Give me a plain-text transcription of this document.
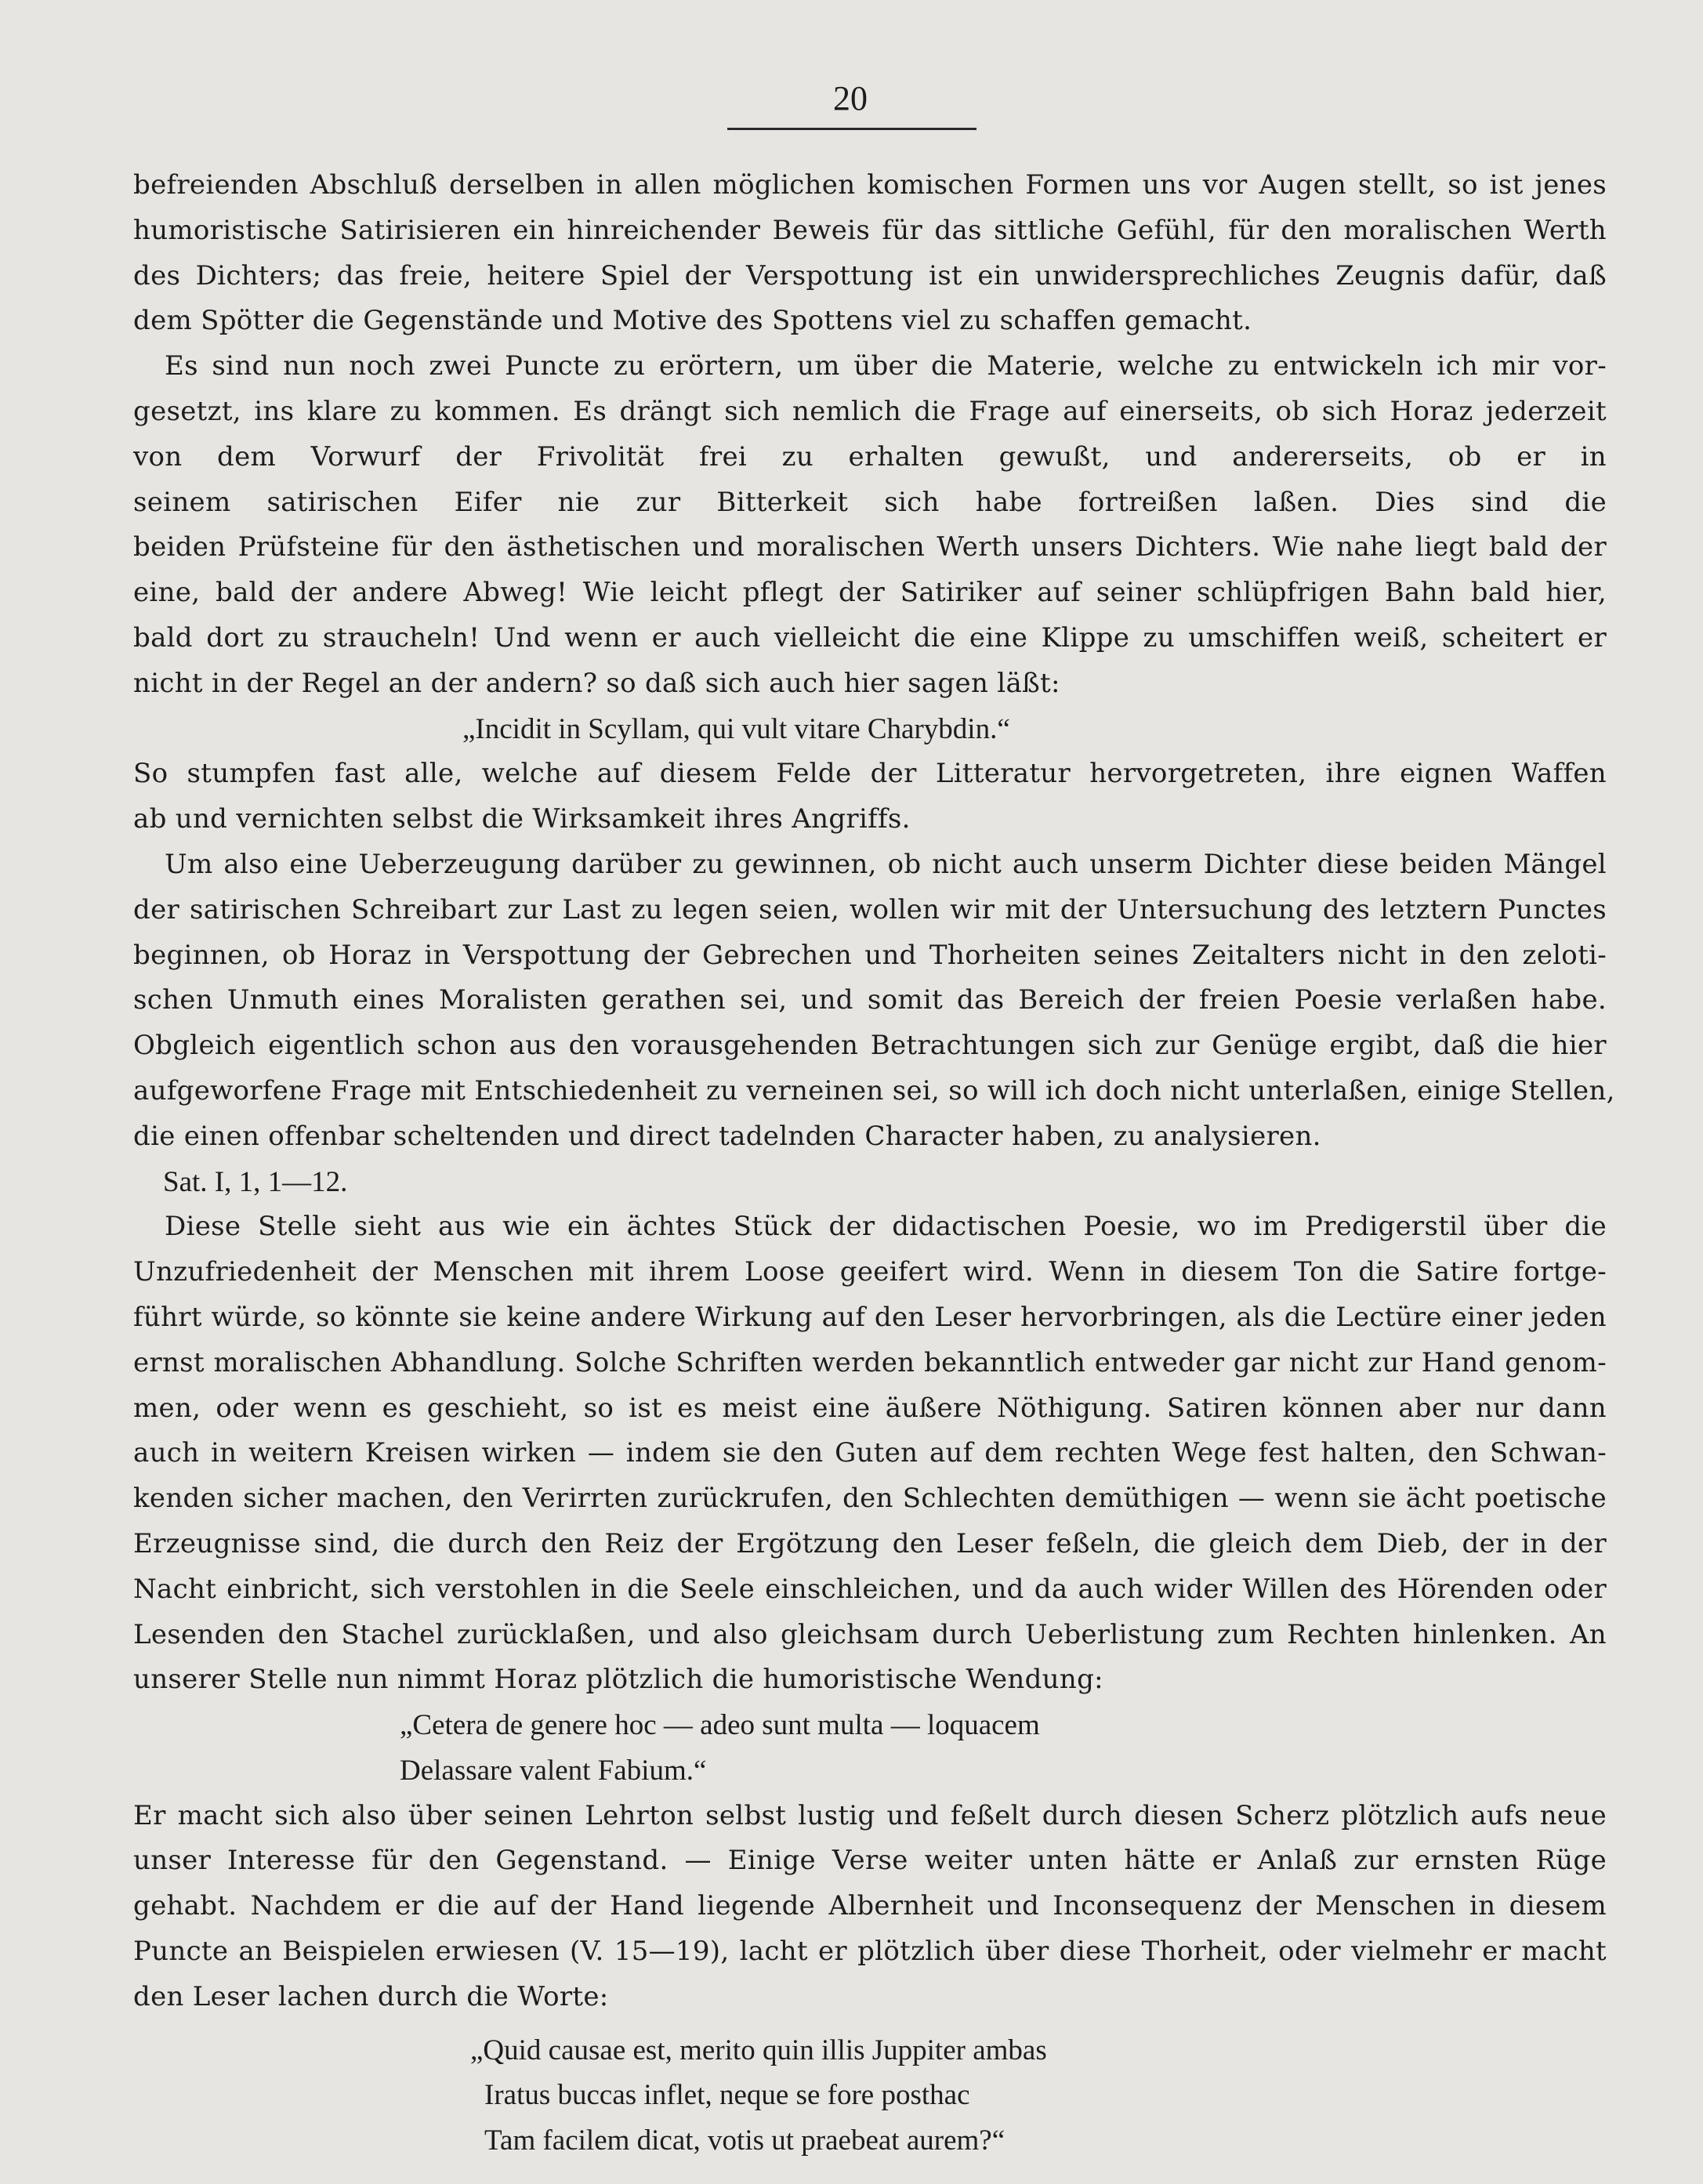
20
befreienden Abschluß derselben in allen möglichen komischen Formen uns vor Augen stellt, so ist jenes
humoristische Satirisieren ein hinreichender Beweis für das sittliche Gefühl, für den moralischen Werth
des Dichters; das freie, heitere Spiel der Verspottung ist ein unwidersprechliches Zeugnis dafür, daß
dem Spötter die Gegenstände und Motive des Spottens viel zu schaffen gemacht.
Es sind nun noch zwei Puncte zu erörtern, um über die Materie, welche zu entwickeln ich mir vor-
gesetzt, ins klare zu kommen. Es drängt sich nemlich die Frage auf einerseits, ob sich Horaz jederzeit
von dem Vorwurf der Frivolität frei zu erhalten gewußt, und andererseits, ob er in
seinem satirischen Eifer nie zur Bitterkeit sich habe fortreißen laßen. Dies sind die
beiden Prüfsteine für den ästhetischen und moralischen Werth unsers Dichters. Wie nahe liegt bald der
eine, bald der andere Abweg! Wie leicht pflegt der Satiriker auf seiner schlüpfrigen Bahn bald hier,
bald dort zu straucheln! Und wenn er auch vielleicht die eine Klippe zu umschiffen weiß, scheitert er
nicht in der Regel an der andern? so daß sich auch hier sagen läßt:
„Incidit in Scyllam, qui vult vitare Charybdin.“
So stumpfen fast alle, welche auf diesem Felde der Litteratur hervorgetreten, ihre eignen Waffen
ab und vernichten selbst die Wirksamkeit ihres Angriffs.
Um also eine Ueberzeugung darüber zu gewinnen, ob nicht auch unserm Dichter diese beiden Mängel
der satirischen Schreibart zur Last zu legen seien, wollen wir mit der Untersuchung des letztern Punctes
beginnen, ob Horaz in Verspottung der Gebrechen und Thorheiten seines Zeitalters nicht in den zeloti-
schen Unmuth eines Moralisten gerathen sei, und somit das Bereich der freien Poesie verlaßen habe.
Obgleich eigentlich schon aus den vorausgehenden Betrachtungen sich zur Genüge ergibt, daß die hier
aufgeworfene Frage mit Entschiedenheit zu verneinen sei, so will ich doch nicht unterlaßen, einige Stellen,
die einen offenbar scheltenden und direct tadelnden Character haben, zu analysieren.
Sat. I, 1, 1—12.
Diese Stelle sieht aus wie ein ächtes Stück der didactischen Poesie, wo im Predigerstil über die
Unzufriedenheit der Menschen mit ihrem Loose geeifert wird. Wenn in diesem Ton die Satire fortge-
führt würde, so könnte sie keine andere Wirkung auf den Leser hervorbringen, als die Lectüre einer jeden
ernst moralischen Abhandlung. Solche Schriften werden bekanntlich entweder gar nicht zur Hand genom-
men, oder wenn es geschieht, so ist es meist eine äußere Nöthigung. Satiren können aber nur dann
auch in weitern Kreisen wirken — indem sie den Guten auf dem rechten Wege fest halten, den Schwan-
kenden sicher machen, den Verirrten zurückrufen, den Schlechten demüthigen — wenn sie ächt poetische
Erzeugnisse sind, die durch den Reiz der Ergötzung den Leser feßeln, die gleich dem Dieb, der in der
Nacht einbricht, sich verstohlen in die Seele einschleichen, und da auch wider Willen des Hörenden oder
Lesenden den Stachel zurücklaßen, und also gleichsam durch Ueberlistung zum Rechten hinlenken. An
unserer Stelle nun nimmt Horaz plötzlich die humoristische Wendung:
„Cetera de genere hoc — adeo sunt multa — loquacem
Delassare valent Fabium.“
Er macht sich also über seinen Lehrton selbst lustig und feßelt durch diesen Scherz plötzlich aufs neue
unser Interesse für den Gegenstand. — Einige Verse weiter unten hätte er Anlaß zur ernsten Rüge
gehabt. Nachdem er die auf der Hand liegende Albernheit und Inconsequenz der Menschen in diesem
Puncte an Beispielen erwiesen (V. 15—19), lacht er plötzlich über diese Thorheit, oder vielmehr er macht
den Leser lachen durch die Worte:
„Quid causae est, merito quin illis Juppiter ambas
Iratus buccas inflet, neque se fore posthac
Tam facilem dicat, votis ut praebeat aurem?“
